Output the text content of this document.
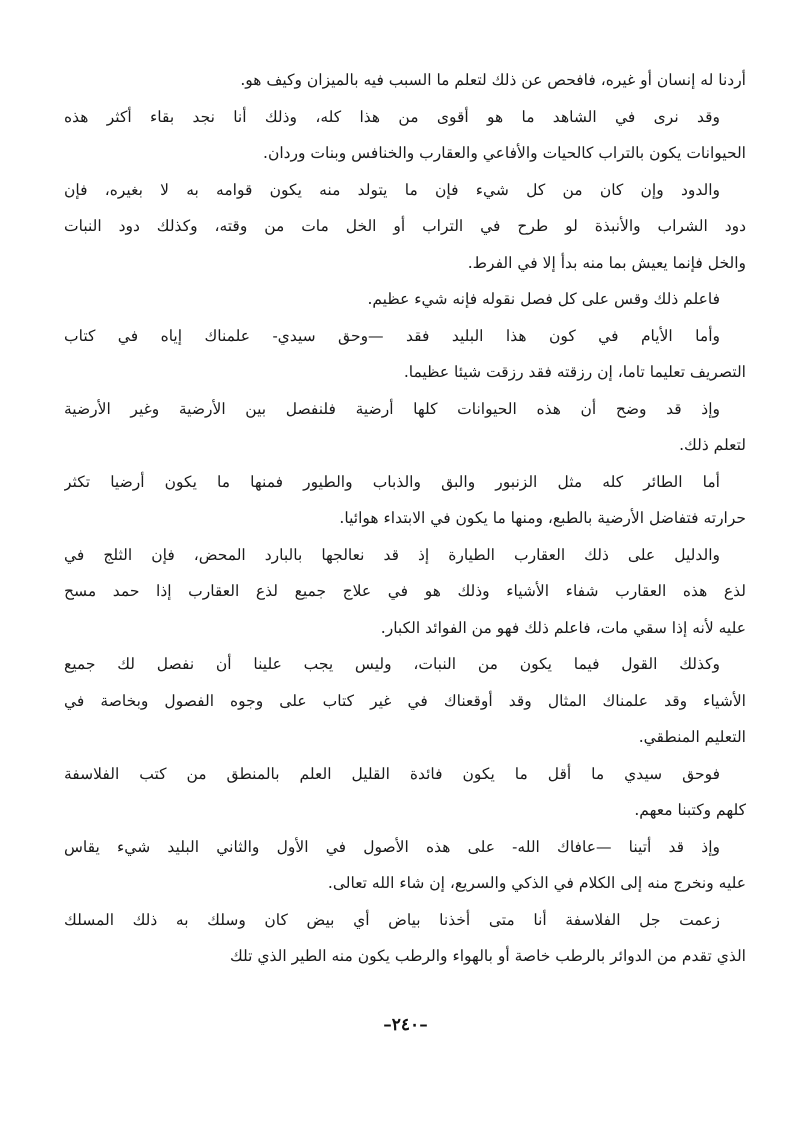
أردنا له إنسان أو غيره، فافحص عن ذلك لتعلم ما السبب فيه بالميزان وكيف هو.
وقد نرى في الشاهد ما هو أقوى من هذا كله، وذلك أنا نجد بقاء أكثر هذه
الحيوانات يكون بالتراب كالحيات والأفاعي والعقارب والخنافس وبنات وردان.
والدود وإن كان من كل شيء فإن ما يتولد منه يكون قوامه به لا بغيره، فإن
دود الشراب والأنبذة لو طرح في التراب أو الخل مات من وقته، وكذلك دود النبات
والخل فإنما يعيش بما منه بدأ إلا في الفرط.
فاعلم ذلك وقس على كل فصل نقوله فإنه شيء عظيم.
وأما الأيام في كون هذا البليد فقد —وحق سيدي- علمناك إياه في كتاب
التصريف تعليما تاما، إن رزقته فقد رزقت شيئا عظيما.
وإذ قد وضح أن هذه الحيوانات كلها أرضية فلنفصل بين الأرضية وغير الأرضية
لتعلم ذلك.
أما الطائر كله مثل الزنبور والبق والذباب والطيور فمنها ما يكون أرضيا تكثر
حرارته فتفاضل الأرضية بالطبع، ومنها ما يكون في الابتداء هوائيا.
والدليل على ذلك العقارب الطيارة إذ قد نعالجها بالبارد المحض، فإن الثلج في
لذع هذه العقارب شفاء الأشياء وذلك هو في علاج جميع لذع العقارب إذا حمد مسح
عليه لأنه إذا سقي مات، فاعلم ذلك فهو من الفوائد الكبار.
وكذلك القول فيما يكون من النبات، وليس يجب علينا أن نفصل لك جميع
الأشياء وقد علمناك المثال وقد أوقعناك في غير كتاب على وجوه الفصول وبخاصة في
التعليم المنطقي.
فوحق سيدي ما أقل ما يكون فائدة القليل العلم بالمنطق من كتب الفلاسفة
كلهم وكتبنا معهم.
وإذ قد أتينا —عافاك الله- على هذه الأصول في الأول والثاني البليد شيء يقاس
عليه ونخرج منه إلى الكلام في الذكي والسريع، إن شاء الله تعالى.
زعمت جل الفلاسفة أنا متى أخذنا بياض أي بيض كان وسلك به ذلك المسلك
الذي تقدم من الدوائر بالرطب خاصة أو بالهواء والرطب يكون منه الطير الذي تلك
–٢٤٠–
